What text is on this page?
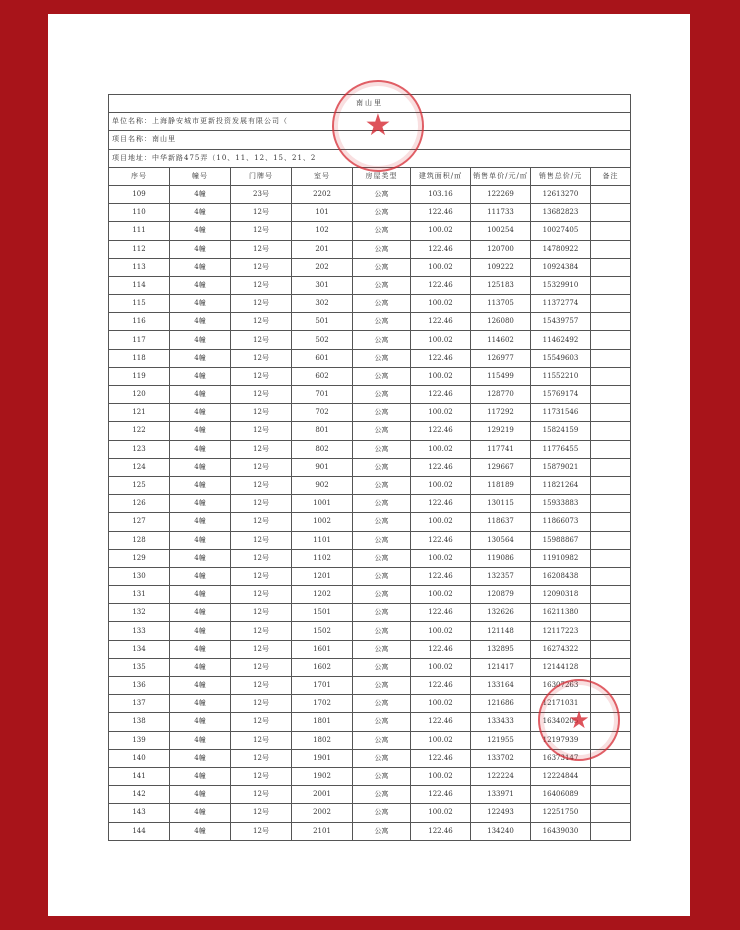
南山里								
单位名称：上海静安城市更新投资发展有限公司（								
项目名称：南山里								
项目地址：中华新路475弄（10、11、12、15、21、2								
序号	幢号	门牌号	室号	房屋类型	建筑面积/㎡	销售单价/元/㎡	销售总价/元	备注
109	4幢	23号	2202	公寓	103.16	122269	12613270	
110	4幢	12号	101	公寓	122.46	111733	13682823	
111	4幢	12号	102	公寓	100.02	100254	10027405	
112	4幢	12号	201	公寓	122.46	120700	14780922	
113	4幢	12号	202	公寓	100.02	109222	10924384	
114	4幢	12号	301	公寓	122.46	125183	15329910	
115	4幢	12号	302	公寓	100.02	113705	11372774	
116	4幢	12号	501	公寓	122.46	126080	15439757	
117	4幢	12号	502	公寓	100.02	114602	11462492	
118	4幢	12号	601	公寓	122.46	126977	15549603	
119	4幢	12号	602	公寓	100.02	115499	11552210	
120	4幢	12号	701	公寓	122.46	128770	15769174	
121	4幢	12号	702	公寓	100.02	117292	11731546	
122	4幢	12号	801	公寓	122.46	129219	15824159	
123	4幢	12号	802	公寓	100.02	117741	11776455	
124	4幢	12号	901	公寓	122.46	129667	15879021	
125	4幢	12号	902	公寓	100.02	118189	11821264	
126	4幢	12号	1001	公寓	122.46	130115	15933883	
127	4幢	12号	1002	公寓	100.02	118637	11866073	
128	4幢	12号	1101	公寓	122.46	130564	15988867	
129	4幢	12号	1102	公寓	100.02	119086	11910982	
130	4幢	12号	1201	公寓	122.46	132357	16208438	
131	4幢	12号	1202	公寓	100.02	120879	12090318	
132	4幢	12号	1501	公寓	122.46	132626	16211380	
133	4幢	12号	1502	公寓	100.02	121148	12117223	
134	4幢	12号	1601	公寓	122.46	132895	16274322	
135	4幢	12号	1602	公寓	100.02	121417	12144128	
136	4幢	12号	1701	公寓	122.46	133164	16307263	
137	4幢	12号	1702	公寓	100.02	121686	12171031	
138	4幢	12号	1801	公寓	122.46	133433	16340205	
139	4幢	12号	1802	公寓	100.02	121955	12197939	
140	4幢	12号	1901	公寓	122.46	133702	16373147	
141	4幢	12号	1902	公寓	100.02	122224	12224844	
142	4幢	12号	2001	公寓	122.46	133971	16406089	
143	4幢	12号	2002	公寓	100.02	122493	12251750	
144	4幢	12号	2101	公寓	122.46	134240	16439030	
★
★
